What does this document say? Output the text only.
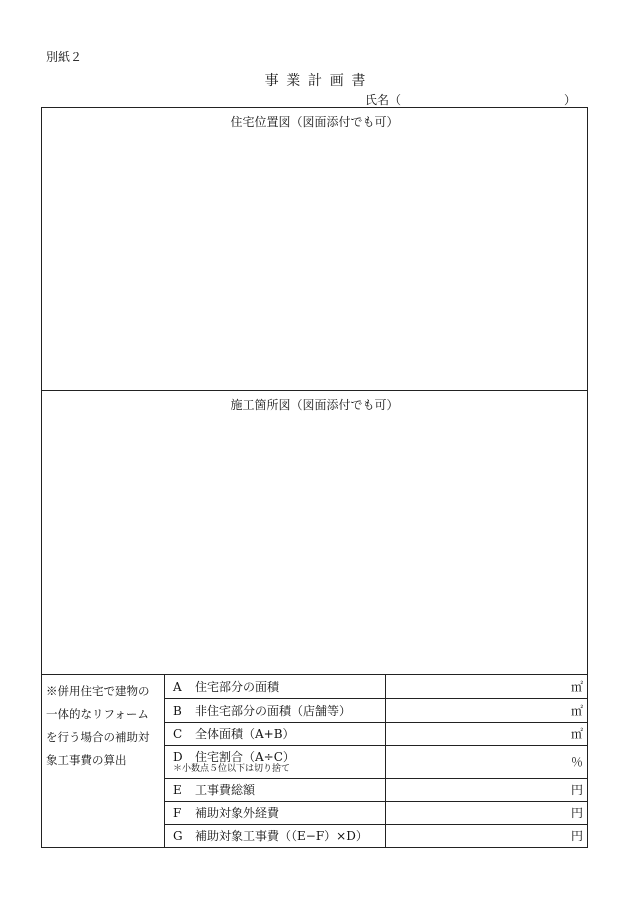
別紙２
事業計画書
氏名（	）
住宅位置図（図面添付でも可）
施工箇所図（図面添付でも可）
※併用住宅で建物の一体的なリフォームを行う場合の補助対象工事費の算出
A 住宅部分の面積	㎡
B 非住宅部分の面積（店舗等）	㎡
C 全体面積（A+B）	㎡
D 住宅割合（A÷C）
＊小数点５位以下は切り捨て	％
E 工事費総額	円
F 補助対象外経費	円
G 補助対象工事費（（E−F）×D）	円
